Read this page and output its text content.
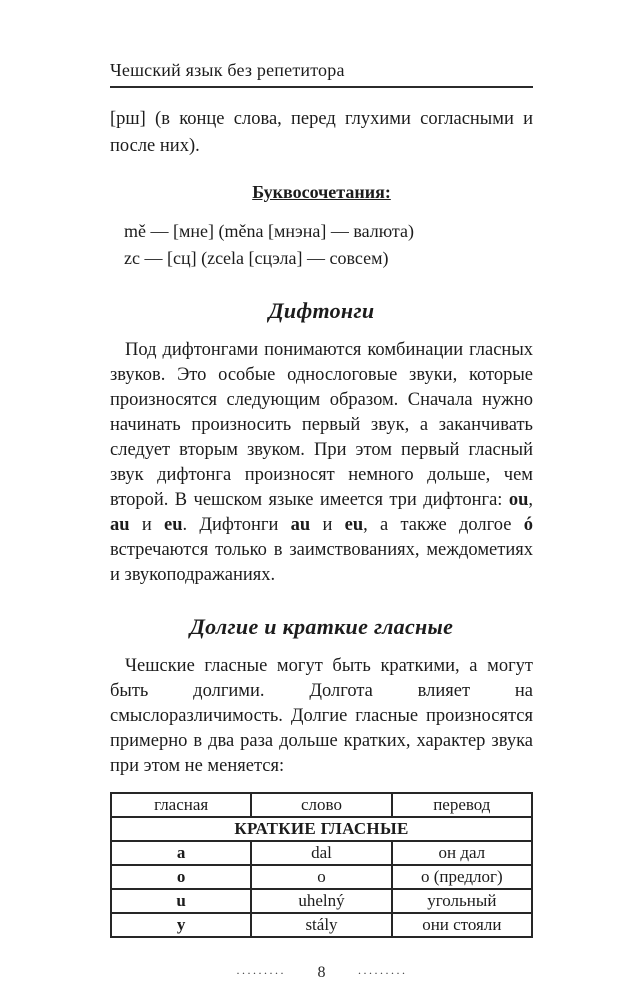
Чешский язык без репетитора

[рш] (в конце слова, перед глухими согласными и после них).

Буквосочетания:
mě — [мне] (měna [мнэна] — валюта)
zc — [сц] (zcela [сцэла] — совсем)
Дифтонги

Под дифтонгами понимаются комбинации гласных звуков. Это особые однослоговые звуки, которые произносятся следующим образом. Сначала нужно начинать произносить первый звук, а заканчивать следует вторым звуком. При этом первый гласный звук дифтонга произносят немного дольше, чем второй. В чешском языке имеется три дифтонга: ou, au и eu. Дифтонги au и eu, а также долгое ó встречаются только в заимствованиях, междометиях и звукоподражаниях.

Долгие и краткие гласные

Чешские гласные могут быть краткими, а могут быть долгими. Долгота влияет на смыслоразличимость. Долгие гласные произносятся примерно в два раза дольше кратких, характер звука при этом не меняется:

гласная	слово	перевод
КРАТКИЕ ГЛАСНЫЕ		
a	dal	он дал
o	o	о (предлог)
u	uhelný	угольный
y	stály	они стояли
········· 8	·········
